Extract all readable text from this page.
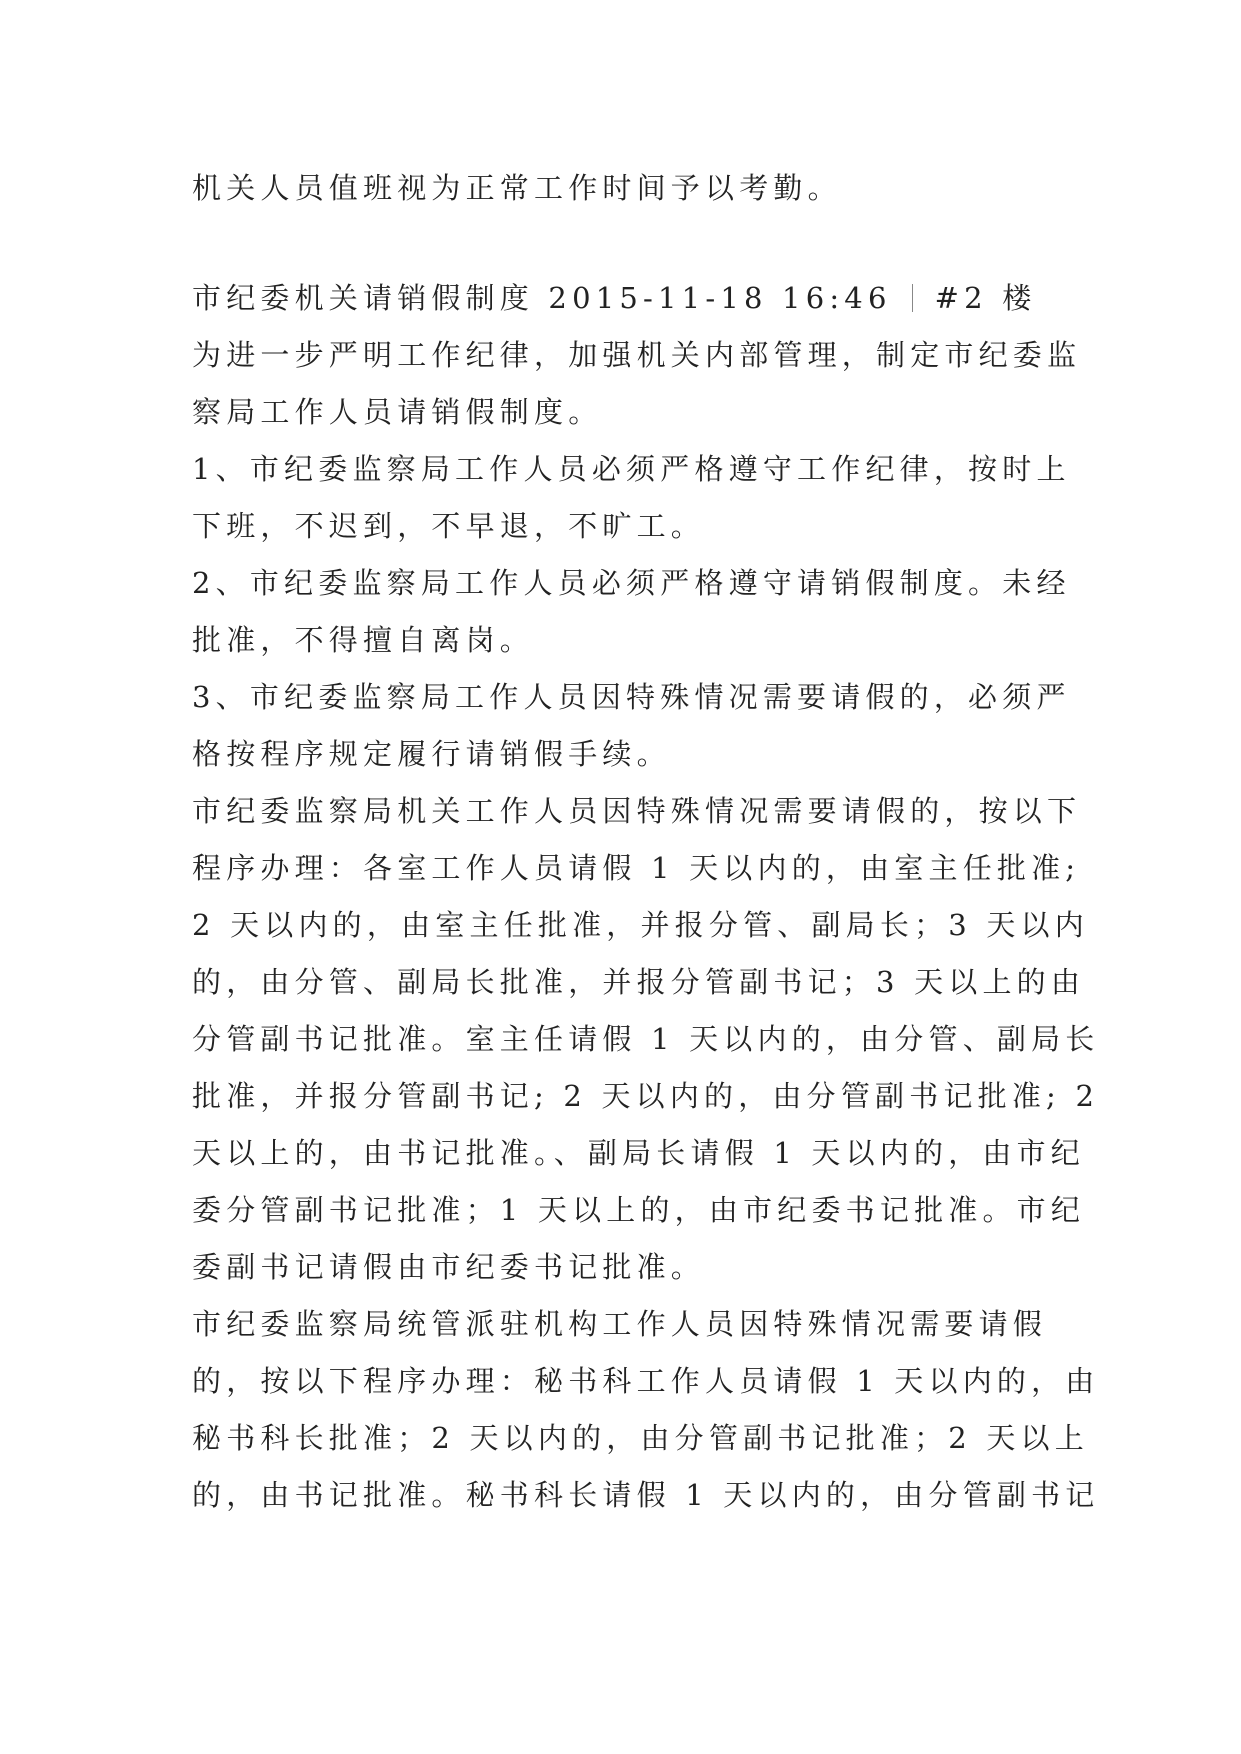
机关人员值班视为正常工作时间予以考勤。
市纪委机关请销假制度 2015-11-18 16:46 #2 楼
为进一步严明工作纪律，加强机关内部管理，制定市纪委监
察局工作人员请销假制度。
1、市纪委监察局工作人员必须严格遵守工作纪律，按时上
下班，不迟到，不早退，不旷工。
2、市纪委监察局工作人员必须严格遵守请销假制度。未经
批准，不得擅自离岗。
3、市纪委监察局工作人员因特殊情况需要请假的，必须严
格按程序规定履行请销假手续。
市纪委监察局机关工作人员因特殊情况需要请假的，按以下
程序办理：各室工作人员请假 1 天以内的，由室主任批准;
2 天以内的，由室主任批准，并报分管、副局长；3 天以内
的，由分管、副局长批准，并报分管副书记；3 天以上的由
分管副书记批准。室主任请假 1 天以内的，由分管、副局长
批准，并报分管副书记; 2 天以内的，由分管副书记批准; 2
天以上的，由书记批准。、副局长请假 1 天以内的，由市纪
委分管副书记批准；1 天以上的，由市纪委书记批准。市纪
委副书记请假由市纪委书记批准。
市纪委监察局统管派驻机构工作人员因特殊情况需要请假
的，按以下程序办理：秘书科工作人员请假 1 天以内的，由
秘书科长批准；2 天以内的，由分管副书记批准；2 天以上
的，由书记批准。秘书科长请假 1 天以内的，由分管副书记
